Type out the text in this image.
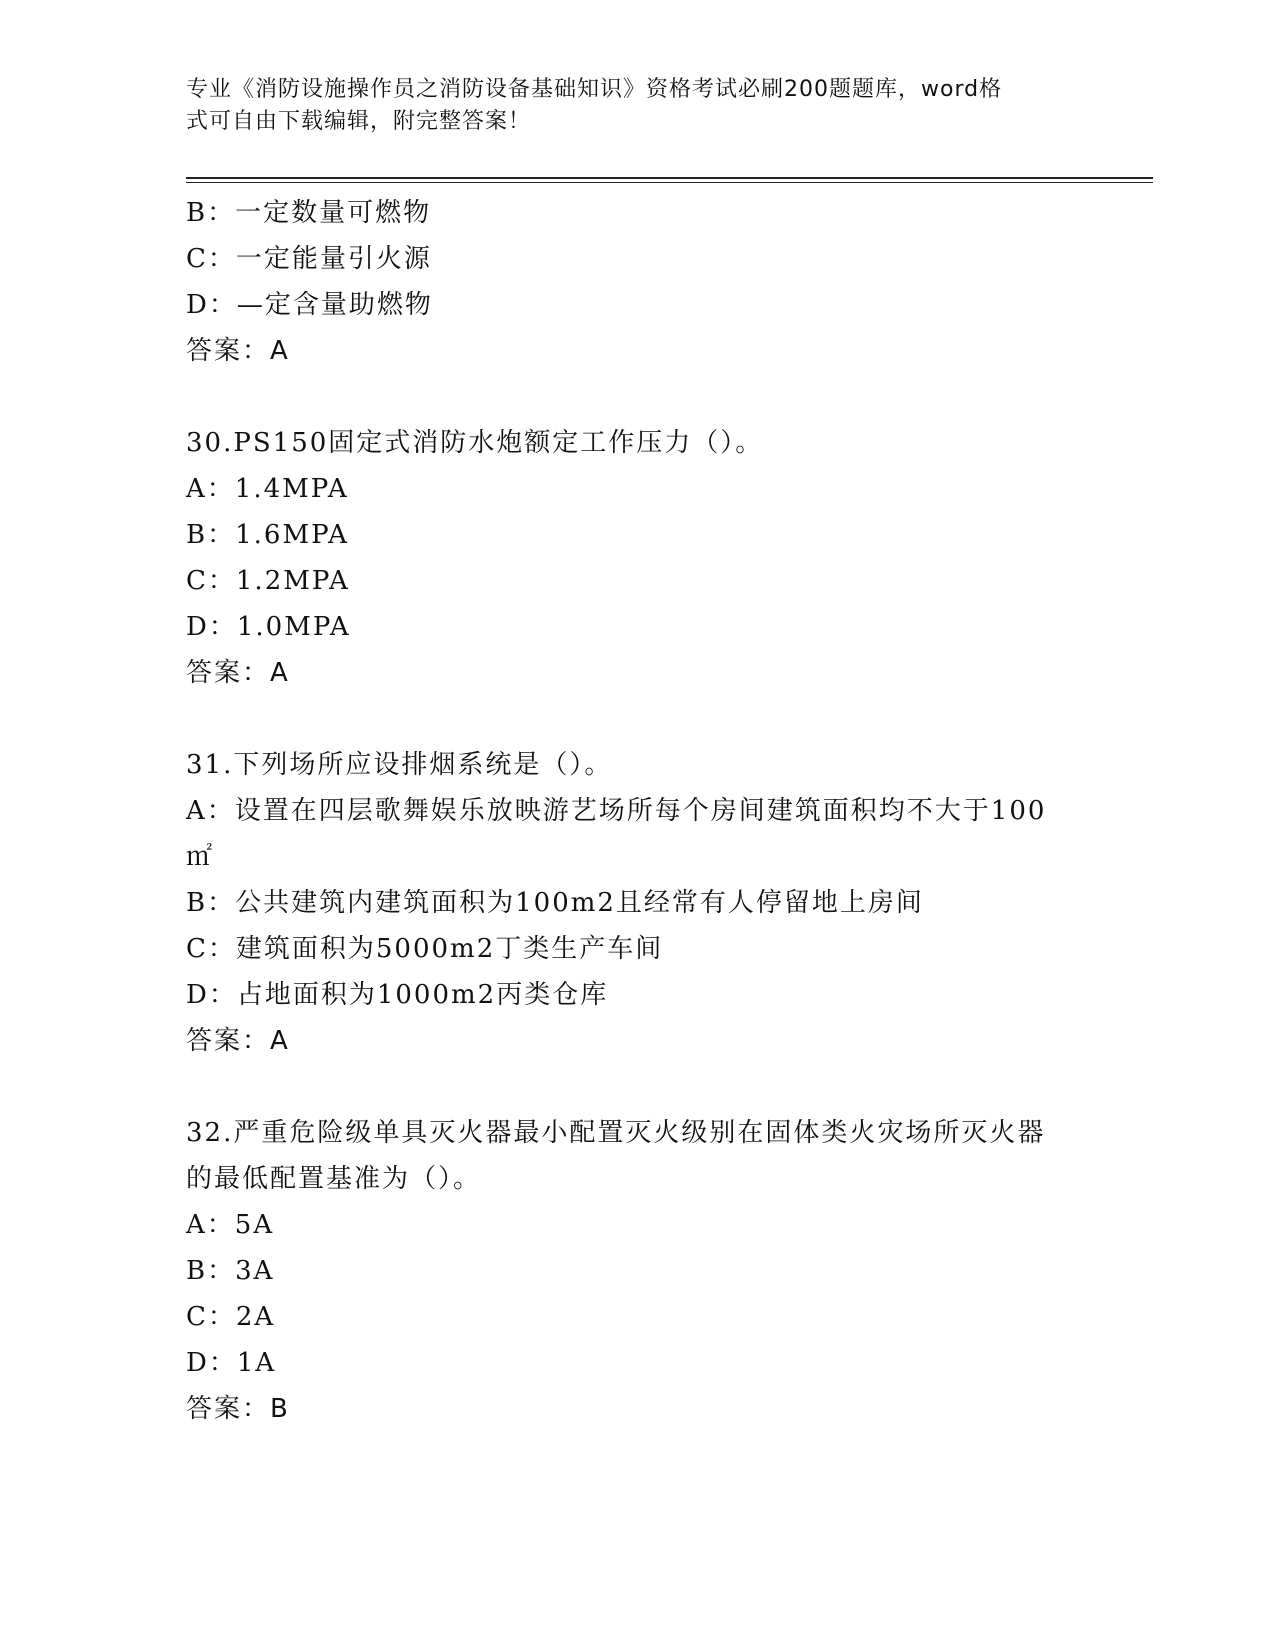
专业《消防设施操作员之消防设备基础知识》资格考试必刷200题题库，word格
式可自由下载编辑，附完整答案！
B：一定数量可燃物
C：一定能量引火源
D：—定含量助燃物
答案：A
30.PS150固定式消防水炮额定工作压力（）。
A：1.4MPA
B：1.6MPA
C：1.2MPA
D：1.0MPA
答案：A
31.下列场所应设排烟系统是（）。
A：设置在四层歌舞娱乐放映游艺场所每个房间建筑面积均不大于100
㎡
B：公共建筑内建筑面积为100m2且经常有人停留地上房间
C：建筑面积为5000m2丁类生产车间
D：占地面积为1000m2丙类仓库
答案：A
32.严重危险级单具灭火器最小配置灭火级别在固体类火灾场所灭火器
的最低配置基准为（）。
A：5A
B：3A
C：2A
D：1A
答案：B
